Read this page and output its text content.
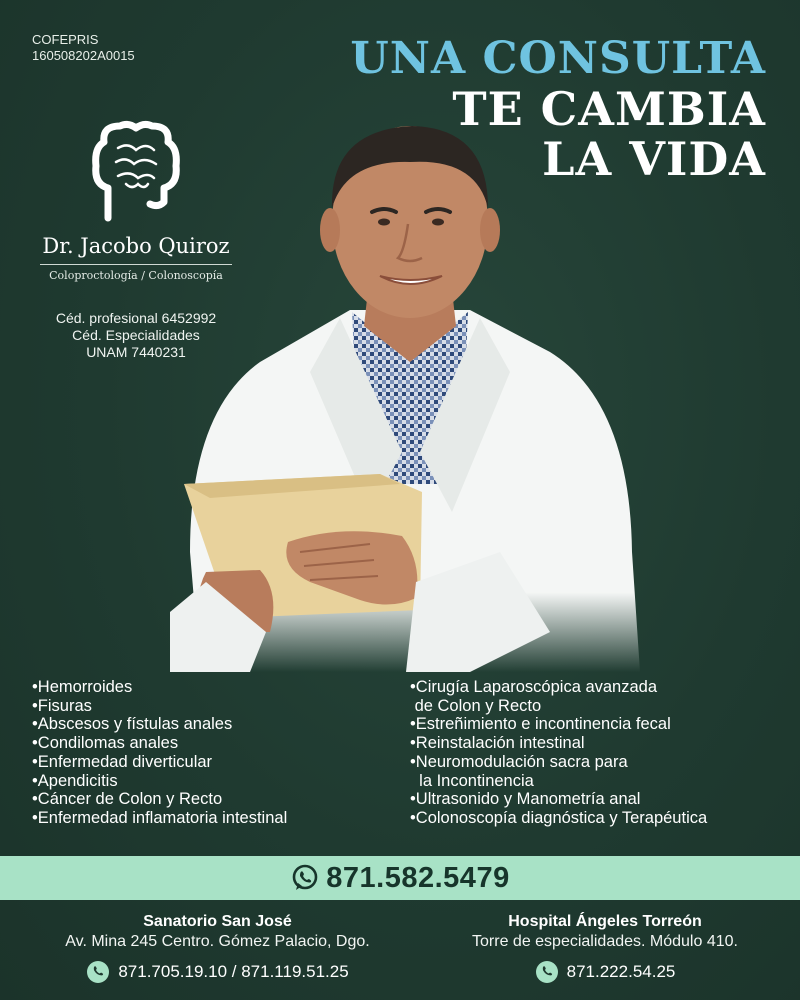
COFEPRIS
160508202A0015	UNA CONSULTA
TE CAMBIA
LA VIDA
Dr. Jacobo Quiroz
Coloproctología / Colonoscopía
Céd. profesional 6452992
Céd. Especialidades
UNAM 7440231
•Hemorroides
•Fisuras
•Abscesos y fístulas anales
•Condilomas anales
•Enfermedad diverticular
•Apendicitis
•Cáncer de Colon y Recto
•Enfermedad inflamatoria intestinal
•Cirugía Laparoscópica avanzada
de Colon y Recto
•Estreñimiento e incontinencia fecal
•Reinstalación intestinal
•Neuromodulación sacra para
la Incontinencia
•Ultrasonido y Manometría anal
•Colonoscopía diagnóstica y Terapéutica
871.582.5479
Sanatorio San José
Av. Mina 245 Centro. Gómez Palacio, Dgo.
871.705.19.10 / 871.119.51.25
Hospital Ángeles Torreón
Torre de especialidades. Módulo 410.
871.222.54.25
